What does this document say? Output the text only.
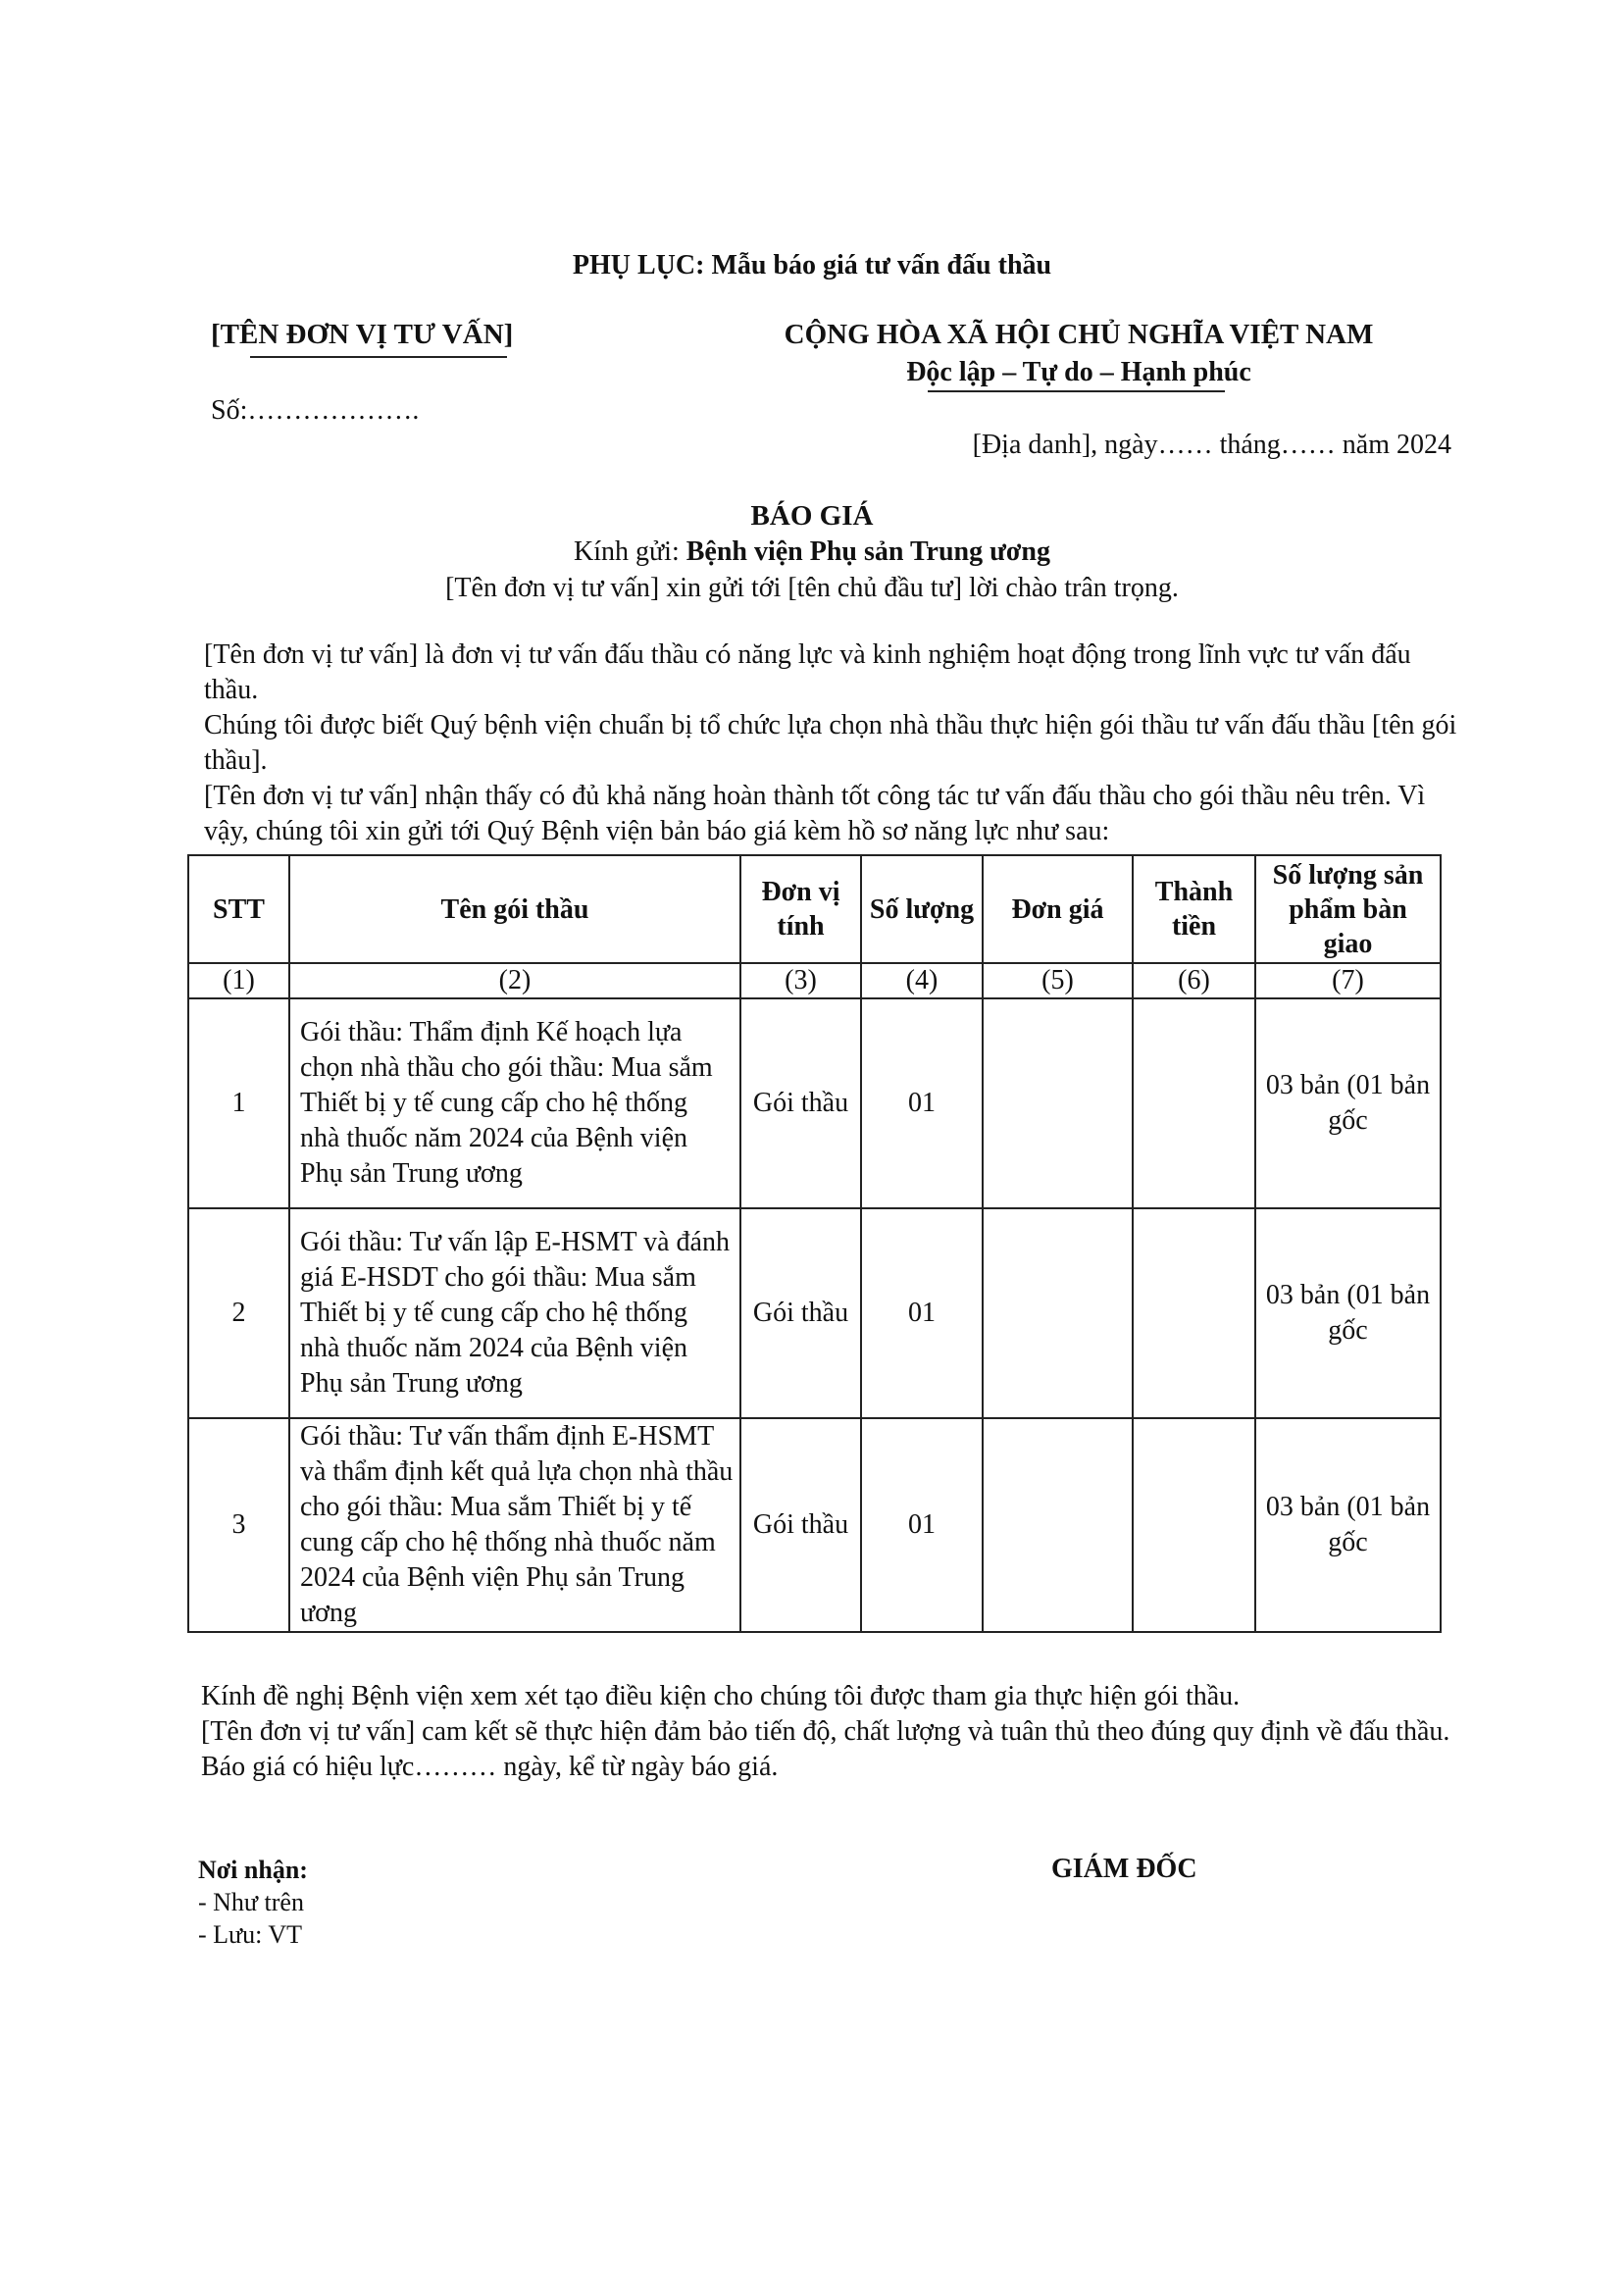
PHỤ LỤC: Mẫu báo giá tư vấn đấu thầu
[TÊN ĐƠN VỊ TƯ VẤN]
Số:……………….
CỘNG HÒA XÃ HỘI CHỦ NGHĨA VIỆT NAM
Độc lập – Tự do – Hạnh phúc
[Địa danh], ngày…… tháng…… năm 2024
BÁO GIÁ
Kính gửi: Bệnh viện Phụ sản Trung ương
[Tên đơn vị tư vấn] xin gửi tới [tên chủ đầu tư] lời chào trân trọng.

[Tên đơn vị tư vấn] là đơn vị tư vấn đấu thầu có năng lực và kinh nghiệm hoạt động trong lĩnh vực tư vấn đấu thầu.

Chúng tôi được biết Quý bệnh viện chuẩn bị tổ chức lựa chọn nhà thầu thực hiện gói thầu tư vấn đấu thầu [tên gói thầu].

[Tên đơn vị tư vấn] nhận thấy có đủ khả năng hoàn thành tốt công tác tư vấn đấu thầu cho gói thầu nêu trên. Vì vậy, chúng tôi xin gửi tới Quý Bệnh viện bản báo giá kèm hồ sơ năng lực như sau:

STT	Tên gói thầu	Đơn vị tính	Số lượng	Đơn giá	Thành tiền	Số lượng sản phẩm bàn giao
(1)	(2)	(3)	(4)	(5)	(6)	(7)
1	Gói thầu: Thẩm định Kế hoạch lựa chọn nhà thầu cho gói thầu: Mua sắm Thiết bị y tế cung cấp cho hệ thống nhà thuốc năm 2024 của Bệnh viện Phụ sản Trung ương	Gói thầu	01			03 bản (01 bản gốc
2	Gói thầu: Tư vấn lập E-HSMT và đánh giá E-HSDT cho gói thầu: Mua sắm Thiết bị y tế cung cấp cho hệ thống nhà thuốc năm 2024 của Bệnh viện Phụ sản Trung ương	Gói thầu	01			03 bản (01 bản gốc
3	Gói thầu: Tư vấn thẩm định E-HSMT và thẩm định kết quả lựa chọn nhà thầu cho gói thầu: Mua sắm Thiết bị y tế cung cấp cho hệ thống nhà thuốc năm 2024 của Bệnh viện Phụ sản Trung ương	Gói thầu	01			03 bản (01 bản gốc

Kính đề nghị Bệnh viện xem xét tạo điều kiện cho chúng tôi được tham gia thực hiện gói thầu.

[Tên đơn vị tư vấn] cam kết sẽ thực hiện đảm bảo tiến độ, chất lượng và tuân thủ theo đúng quy định về đấu thầu.

Báo giá có hiệu lực……… ngày, kể từ ngày báo giá.

Nơi nhận:
- Như trên
- Lưu: VT
GIÁM ĐỐC
